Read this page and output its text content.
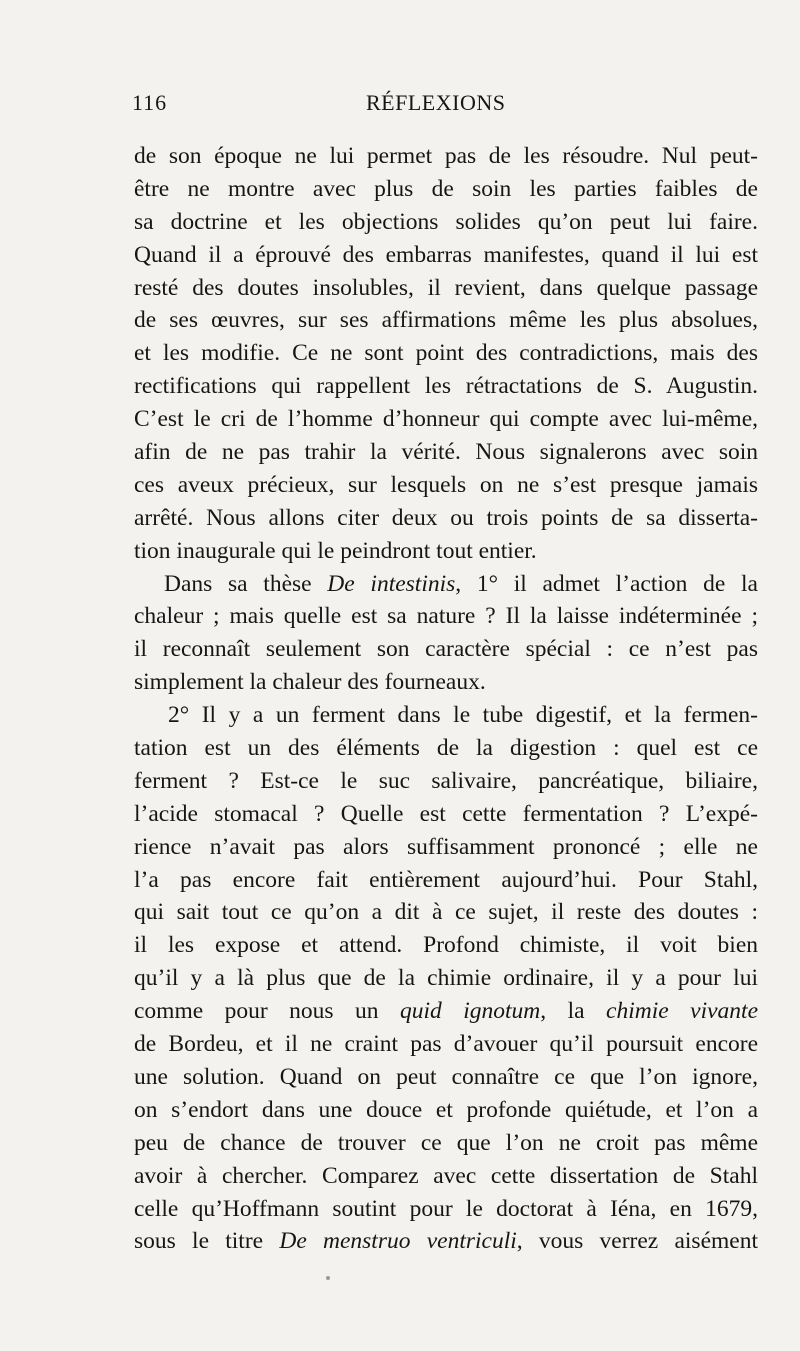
116	RÉFLEXIONS
de son époque ne lui permet pas de les résoudre. Nul peut-
être ne montre avec plus de soin les parties faibles de
sa doctrine et les objections solides qu’on peut lui faire.
Quand il a éprouvé des embarras manifestes, quand il lui est
resté des doutes insolubles, il revient, dans quelque passage
de ses œuvres, sur ses affirmations même les plus absolues,
et les modifie. Ce ne sont point des contradictions, mais des
rectifications qui rappellent les rétractations de S. Augustin.
C’est le cri de l’homme d’honneur qui compte avec lui-même,
afin de ne pas trahir la vérité. Nous signalerons avec soin
ces aveux précieux, sur lesquels on ne s’est presque jamais
arrêté. Nous allons citer deux ou trois points de sa disserta-
tion inaugurale qui le peindront tout entier.
Dans sa thèse De intestinis, 1° il admet l’action de la
chaleur ; mais quelle est sa nature ? Il la laisse indéterminée ;
il reconnaît seulement son caractère spécial : ce n’est pas
simplement la chaleur des fourneaux.
2° Il y a un ferment dans le tube digestif, et la fermen-
tation est un des éléments de la digestion : quel est ce
ferment ? Est-ce le suc salivaire, pancréatique, biliaire,
l’acide stomacal ? Quelle est cette fermentation ? L’expé-
rience n’avait pas alors suffisamment prononcé ; elle ne
l’a pas encore fait entièrement aujourd’hui. Pour Stahl,
qui sait tout ce qu’on a dit à ce sujet, il reste des doutes :
il les expose et attend. Profond chimiste, il voit bien
qu’il y a là plus que de la chimie ordinaire, il y a pour lui
comme pour nous un quid ignotum, la chimie vivante
de Bordeu, et il ne craint pas d’avouer qu’il poursuit encore
une solution. Quand on peut connaître ce que l’on ignore,
on s’endort dans une douce et profonde quiétude, et l’on a
peu de chance de trouver ce que l’on ne croit pas même
avoir à chercher. Comparez avec cette dissertation de Stahl
celle qu’Hoffmann soutint pour le doctorat à Iéna, en 1679,
sous le titre De menstruo ventriculi, vous verrez aisément
